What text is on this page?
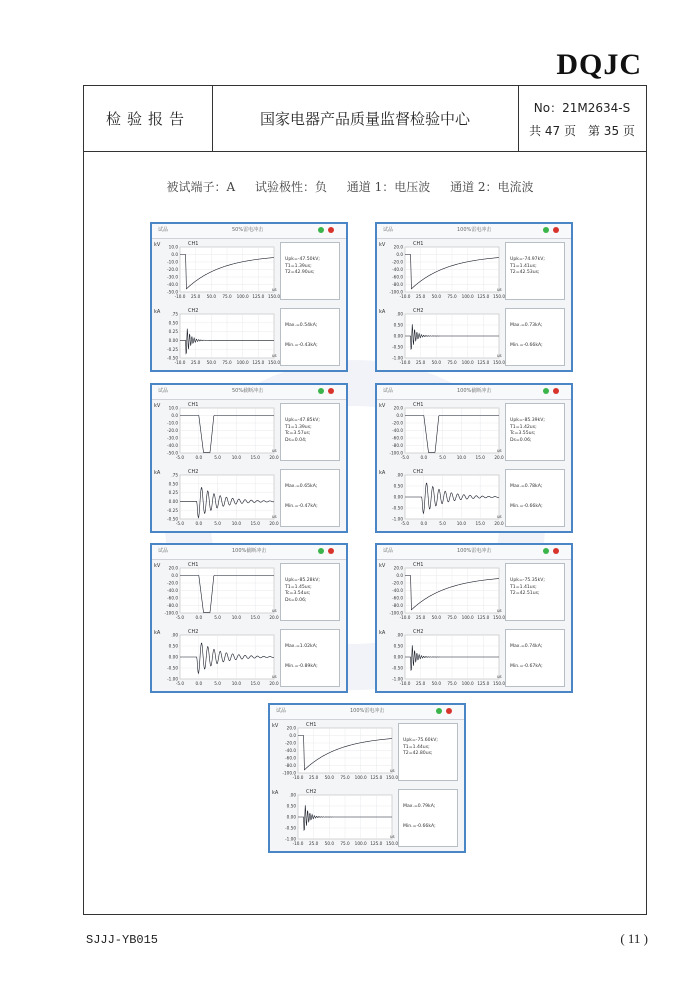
DQJC
检验报告	国家电器产品质量监督检验中心
No：21M2634-S
共 47 页　第 35 页
被试端子：A 试验极性：负 通道 1：电压波 通道 2：电流波
试品	50%雷电冲击
Upk=-47.50kV;
T1=1.39us;
T2=42.90us;
Max.=0.54kA;
Min.=-0.43kA;
kV	CH1
10.0
0.0
-10.0
-20.0
-30.0
-40.0
-50.0
-10.0 25.0 50.0 75.0 100.0 125.0 150.0
us
kA	CH2
.75
0.50
0.25
0.00
-0.25
-0.50
-10.0 25.0 50.0 75.0 100.0 125.0 150.0
us
试品	100%雷电冲击
Upk=-74.97kV;
T1=1.41us;
T2=42.53us;
Max.=0.73kA;
Min.=-0.66kA;
kV	CH1
20.0
0.0
-20.0
-40.0
-60.0
-80.0
-100.0
-10.0 25.0 50.0 75.0 100.0 125.0 150.0
us
kA	CH2
.00
0.50
0.00
-0.50
-1.00
-10.0 25.0 50.0 75.0 100.0 125.0 150.0
us
试品	50%截断冲击
Upk=-47.85kV;
T1=1.39us;
Tc=3.57us;
Ds=0.04;
Max.=0.65kA;
Min.=-0.47kA;
kV	CH1
10.0
0.0
-10.0
-20.0
-30.0
-40.0
-50.0
-5.0	0.0	5.0	10.0 15.0 20.0
us
kA	CH2
.75
0.50
0.25
0.00
-0.25
-0.50
-5.0	0.0	5.0	10.0 15.0 20.0
us
试品	100%截断冲击
Upk=-85.39kV;
T1=1.42us;
Tc=3.55us;
Ds=0.06;
Max.=0.78kA;
Min.=-0.66kA;
kV	CH1
20.0
0.0
-20.0
-40.0
-60.0
-80.0
-100.0
-5.0	0.0	5.0	10.0 15.0 20.0
us
kA	CH2
.00
0.50
0.00
-0.50
-1.00
-5.0	0.0	5.0	10.0 15.0 20.0
us
试品	100%截断冲击
Upk=-85.28kV;
T1=1.45us;
Tc=3.54us;
Ds=0.06;
Max.=1.02kA;
Min.=-0.89kA;
kV	CH1
20.0
0.0
-20.0
-40.0
-60.0
-80.0
-100.0
-5.0	0.0	5.0	10.0 15.0 20.0
us
kA	CH2
.00
0.50
0.00
-0.50
-1.00
-5.0	0.0	5.0	10.0 15.0 20.0
us
试品	100%雷电冲击
Upk=-75.35kV;
T1=1.41us;
T2=42.51us;
Max.=0.74kA;
Min.=-0.67kA;
kV	CH1
20.0
0.0
-20.0
-40.0
-60.0
-80.0
-100.0
-10.0 25.0 50.0 75.0 100.0 125.0 150.0
us
kA	CH2
.00
0.50
0.00
-0.50
-1.00
-10.0 25.0 50.0 75.0 100.0 125.0 150.0
us
试品	100%雷电冲击
Upk=-75.60kV;
T1=1.44us;
T2=42.80us;
Max.=0.79kA;
Min.=-0.66kA;
kV	CH1
20.0
0.0
-20.0
-40.0
-60.0
-80.0
-100.0
-10.0 25.0 50.0 75.0 100.0 125.0 150.0
us
kA	CH2
.00
0.50
0.00
-0.50
-1.00
-10.0 25.0 50.0 75.0 100.0 125.0 150.0
us
SJJJ-YB015	( 11 )
